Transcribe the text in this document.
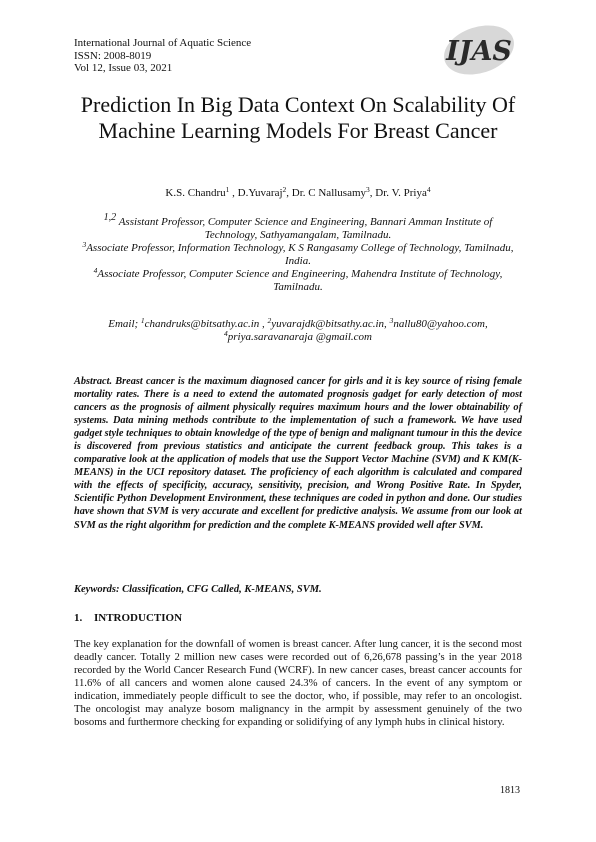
International Journal of Aquatic Science
ISSN: 2008-8019
Vol 12, Issue 03, 2021
IJAS
Prediction In Big Data Context On Scalability Of Machine Learning Models For Breast Cancer
K.S. Chandru$^1$ , D.Yuvaraj$^2$, Dr. C Nallusamy$^3$, Dr. V. Priya$^4$

$^{1,2}$ Assistant Professor, Computer Science and Engineering, Bannari Amman Institute of Technology, Sathyamangalam, Tamilnadu.

$^3$Associate Professor, Information Technology, K S Rangasamy College of Technology, Tamilnadu, India.

$^4$Associate Professor, Computer Science and Engineering, Mahendra Institute of Technology, Tamilnadu.

Email; $^1$chandruks@bitsathy.ac.in , $^2$yuvarajdk@bitsathy.ac.in, $^3$nallu80@yahoo.com,
$^4$priya.saravanaraja @gmail.com
Abstract. Breast cancer is the maximum diagnosed cancer for girls and it is key source of rising female mortality rates. There is a need to extend the automated prognosis gadget for early detection of most cancers as the prognosis of ailment physically requires maximum hours and the lower obtainability of systems. Data mining methods contribute to the implementation of such a framework. We have used gadget style techniques to obtain knowledge of the type of benign and malignant tumour in this the device is discovered from previous statistics and anticipate the current feedback group. This takes is a comparative look at the application of models that use the Support Vector Machine (SVM) and K KM(K-MEANS) in the UCI repository dataset. The proficiency of each algorithm is calculated and compared with the effects of specificity, accuracy, sensitivity, precision, and Wrong Positive Rate. In Spyder, Scientific Python Development Environment, these techniques are coded in python and done. Our studies have shown that SVM is very accurate and excellent for predictive analysis. We assume from our look at SVM as the right algorithm for prediction and the complete K-MEANS provided well after SVM.
Keywords: Classification, CFG Called, K-MEANS, SVM.
1. INTRODUCTION
The key explanation for the downfall of women is breast cancer. After lung cancer, it is the second most deadly cancer. Totally 2 million new cases were recorded out of 6,26,678 passing’s in the year 2018 recorded by the World Cancer Research Fund (WCRF). In new cancer cases, breast cancer accounts for 11.6% of all cancers and women alone caused 24.3% of cancers. In the event of any symptom or indication, immediately people difficult to see the doctor, who, if possible, may refer to an oncologist. The oncologist may analyze bosom malignancy in the armpit by assessment genuinely of the two bosoms and furthermore checking for expanding or solidifying of any lymph hubs in clinical history.
1813
